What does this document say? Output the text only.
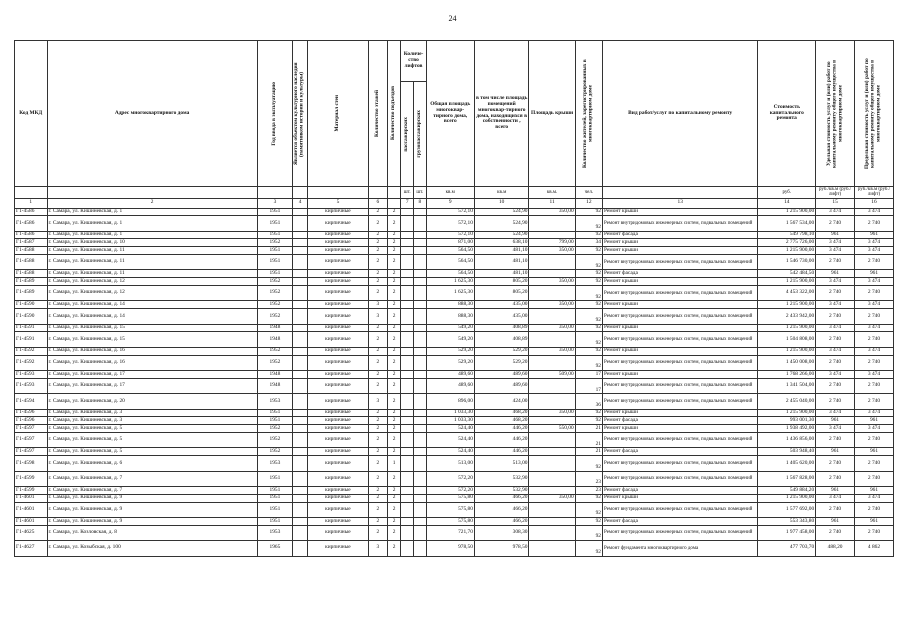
24
Код МКД	Адрес многоквартирного дома	Год ввода в эксплуатацию	Является объектом культурного наследия (памятником истории и культуры)	Материал стен	Количество этажей	Количество подъездов	Количе-ство лифтов		Общая площадь многоквар-тирного дома, всего	в том числе площадь помещений многоквар-тирного дома, находящихся в собственности , всего	Площадь крыши	Количество жителей, зарегистрированных в многоквартирном доме	Вид работ/услуг по капитальному ремонту	Стоимость капитального ремонта	Удельная стоимость услуг и (или) работ по капитальному ремонту общего имущества в многоквартирном доме	Предельная стоимость услуг и (или) работ по капитальному ремонту общего имущества в многоквартирном доме

							пассажирских	грузопассажирских								

							шт.	шт.	кв.м	кв.м	кв.м.	чел.		руб.	руб./кв.м (руб./лифт)	руб./кв.м (руб./лифт)
1	2	3	4	5	6		7	8	9	10	11	12	13	14	15	16
Г1-4586	г. Самара, ул. Кишиневская, д. 1	1951		кирпичные	2	2			572,10	524,90	350,00	92	Ремонт крыши	1 215 900,00	3 474	3 474
Г1-4586	г. Самара, ул. Кишиневская, д. 1	1951		кирпичные	2	2			572,10	524,90		92	Ремонт внутридомовых инженерных систем, подвальных помещений	1 567 534,00	2 740	2 740
Г1-4586	г. Самара, ул. Кишиневская, д. 1	1951		кирпичные	2	2			572,10	524,90		92	Ремонт фасада	549 798,10	961	961
Г1-4587	г. Самара, ул. Кишиневская, д. 10	1952		кирпичные	2	2			871,00	638,10	799,00	34	Ремонт крыши	2 775 726,00	3 474	3 474
Г1-4588	г. Самара, ул. Кишиневская, д. 11	1951		кирпичные	2	2			564,50	481,10	350,00	92	Ремонт крыши	1 215 900,00	3 474	3 474
Г1-4588	г. Самара, ул. Кишиневская, д. 11	1951		кирпичные	2	2			564,50	481,10		92	Ремонт внутридомовых инженерных систем, подвальных помещений	1 546 730,00	2 740	2 740
Г1-4588	г. Самара, ул. Кишиневская, д. 11	1951		кирпичные	2	2			564,50	481,10		92	Ремонт фасада	542 484,50	961	961
Г1-4589	г. Самара, ул. Кишиневская, д. 12	1952		кирпичные	2	2			1 625,30	805,20	350,00	92	Ремонт крыши	1 215 900,00	3 474	3 474
Г1-4589	г. Самара, ул. Кишиневская, д. 12	1952		кирпичные	2	2			1 625,30	805,20		92	Ремонт внутридомовых инженерных систем, подвальных помещений	4 453 322,00	2 740	2 740
Г1-4590	г. Самара, ул. Кишиневская, д. 14	1952		кирпичные	3	2			888,30	435,00	350,00	92	Ремонт крыши	1 215 900,00	3 474	3 474
Г1-4590	г. Самара, ул. Кишиневская, д. 14	1952		кирпичные	3	2			888,30	435,00		92	Ремонт внутридомовых инженерных систем, подвальных помещений	2 433 942,00	2 740	2 740
Г1-4591	г. Самара, ул. Кишиневская, д. 15	1948		кирпичные	2	2			549,20	408,89	350,00	92	Ремонт крыши	1 215 900,00	3 474	3 474
Г1-4591	г. Самара, ул. Кишиневская, д. 15	1948		кирпичные	2	2			549,20	408,89		92	Ремонт внутридомовых инженерных систем, подвальных помещений	1 504 808,00	2 740	2 740
Г1-4592	г. Самара, ул. Кишиневская, д. 16	1952		кирпичные	2	2			529,20	529,20	350,00	92	Ремонт крыши	1 215 900,00	3 474	3 474
Г1-4592	г. Самара, ул. Кишиневская, д. 16	1952		кирпичные	2	2			529,20	529,20		92	Ремонт внутридомовых инженерных систем, подвальных помещений	1 450 008,00	2 740	2 740
Г1-4593	г. Самара, ул. Кишиневская, д. 17	1948		кирпичные	2	2			489,60	489,60	509,00	17	Ремонт крыши	1 768 266,00	3 474	3 474
Г1-4593	г. Самара, ул. Кишиневская, д. 17	1948		кирпичные	2	2			489,60	489,60		17	Ремонт внутридомовых инженерных систем, подвальных помещений	1 341 504,00	2 740	2 740
Г1-4594	г. Самара, ул. Кишиневская, д. 20	1953		кирпичные	3	2			896,00	424,00		36	Ремонт внутридомовых инженерных систем, подвальных помещений	2 455 040,00	2 740	2 740
Г1-4596	г. Самара, ул. Кишиневская, д. 3	1951		кирпичные	2	2			1 033,30	468,20	350,00	92	Ремонт крыши	1 215 900,00	3 474	3 474
Г1-4596	г. Самара, ул. Кишиневская, д. 3	1951		кирпичные	2	2			1 033,30	468,20		92	Ремонт фасада	993 001,30	961	961
Г1-4597	г. Самара, ул. Кишиневская, д. 5	1952		кирпичные	2	2			524,40	446,20	550,00	21	Ремонт крыши	1 938 492,00	3 474	3 474
Г1-4597	г. Самара, ул. Кишиневская, д. 5	1952		кирпичные	2	2			524,40	446,20		21	Ремонт внутридомовых инженерных систем, подвальных помещений	1 436 856,00	2 740	2 740
Г1-4597	г. Самара, ул. Кишиневская, д. 5	1952		кирпичные	2	2			524,40	446,20		21	Ремонт фасада	503 948,40	961	961
Г1-4598	г. Самара, ул. Кишиневская, д. 6	1953		кирпичные	2	1			513,00	513,00		92	Ремонт внутридомовых инженерных систем, подвальных помещений	1 405 620,00	2 740	2 740
Г1-4599	г. Самара, ул. Кишиневская, д. 7	1951		кирпичные	2	2			572,20	532,90		23	Ремонт внутридомовых инженерных систем, подвальных помещений	1 567 828,00	2 740	2 740
Г1-4599	г. Самара, ул. Кишиневская, д. 7	1951		кирпичные	2	2			572,20	532,90		23	Ремонт фасада	549 884,20	961	961
Г1-4601	г. Самара, ул. Кишиневская, д. 9	1951		кирпичные	2	2			575,80	466,20	350,00	92	Ремонт крыши	1 215 900,00	3 474	3 474
Г1-4601	г. Самара, ул. Кишиневская, д. 9	1951		кирпичные	2	2			575,80	466,20		92	Ремонт внутридомовых инженерных систем, подвальных помещений	1 577 692,00	2 740	2 740
Г1-4601	г. Самара, ул. Кишиневская, д. 9	1951		кирпичные	2	2			575,80	466,20		92	Ремонт фасада	553 343,80	961	961
Г1-4625	г. Самара, ул. Козловская, д. 8	1953		кирпичные	2	2			721,70	308,30		92	Ремонт внутридомовых инженерных систем, подвальных помещений	1 977 458,00	2 740	2 740
Г1-4627	г. Самара, ул. Козыбская, д. 100	1965		кирпичные	3	2			978,50	978,50		92	Ремонт фундамента многоквартирного дома	477 703,70	488,20	4 862
